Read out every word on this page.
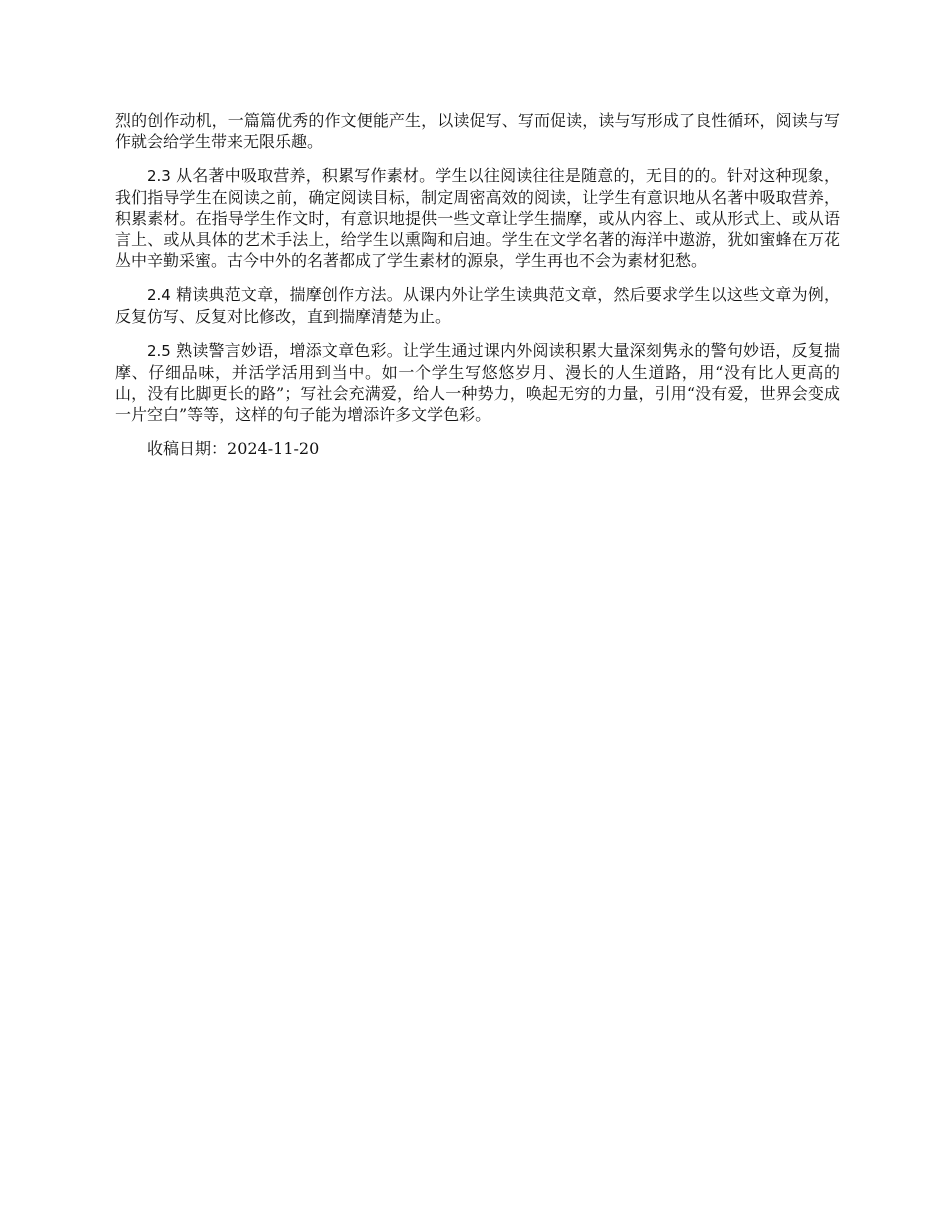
烈的创作动机，一篇篇优秀的作文便能产生，以读促写、写而促读，读与写形成了良性循环，阅读与写作就会给学生带来无限乐趣。

2.3 从名著中吸取营养，积累写作素材。学生以往阅读往往是随意的，无目的的。针对这种现象，我们指导学生在阅读之前，确定阅读目标，制定周密高效的阅读，让学生有意识地从名著中吸取营养，积累素材。在指导学生作文时，有意识地提供一些文章让学生揣摩，或从内容上、或从形式上、或从语言上、或从具体的艺术手法上，给学生以熏陶和启迪。学生在文学名著的海洋中遨游，犹如蜜蜂在万花丛中辛勤采蜜。古今中外的名著都成了学生素材的源泉，学生再也不会为素材犯愁。

2.4 精读典范文章，揣摩创作方法。从课内外让学生读典范文章，然后要求学生以这些文章为例，反复仿写、反复对比修改，直到揣摩清楚为止。

2.5 熟读警言妙语，增添文章色彩。让学生通过课内外阅读积累大量深刻隽永的警句妙语，反复揣摩、仔细品味，并活学活用到当中。如一个学生写悠悠岁月、漫长的人生道路，用“没有比人更高的山，没有比脚更长的路”；写社会充满爱，给人一种势力，唤起无穷的力量，引用“没有爱，世界会变成一片空白”等等，这样的句子能为增添许多文学色彩。

收稿日期：2024-11-20
